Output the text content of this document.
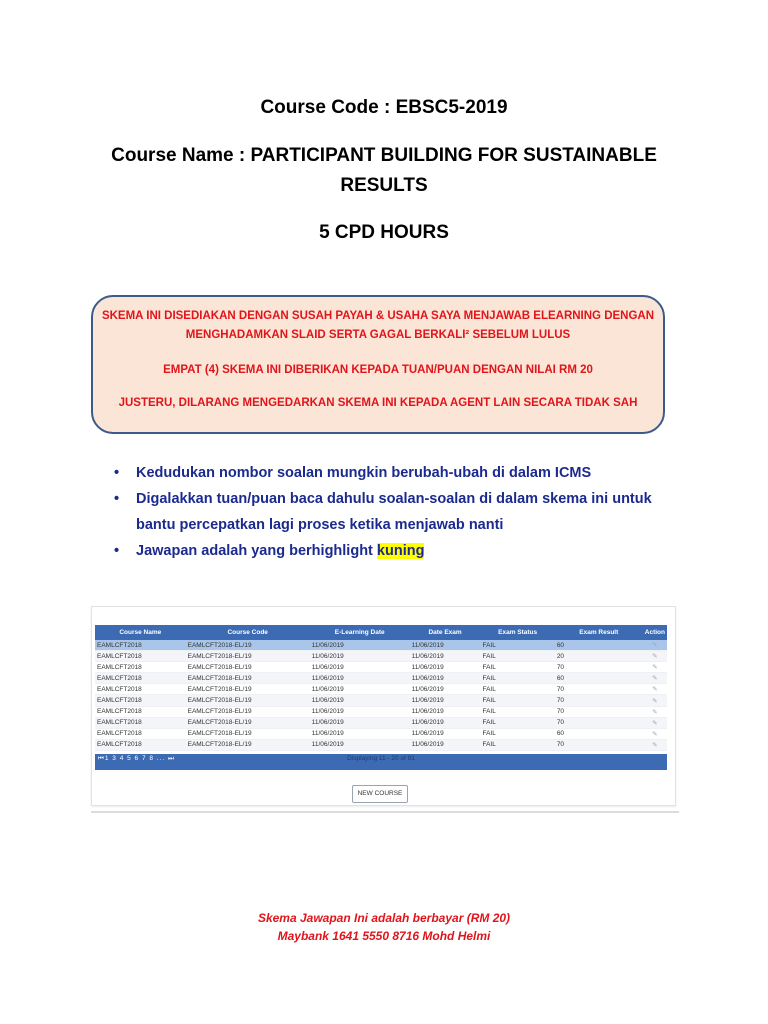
Course Code : EBSC5-2019
Course Name : PARTICIPANT BUILDING FOR SUSTAINABLE
RESULTS
5 CPD HOURS

SKEMA INI DISEDIAKAN DENGAN SUSAH PAYAH & USAHA SAYA MENJAWAB ELEARNING DENGAN MENGHADAMKAN SLAID SERTA GAGAL BERKALI² SEBELUM LULUS

EMPAT (4) SKEMA INI DIBERIKAN KEPADA TUAN/PUAN DENGAN NILAI RM 20

JUSTERU, DILARANG MENGEDARKAN SKEMA INI KEPADA AGENT LAIN SECARA TIDAK SAH

• Kedudukan nombor soalan mungkin berubah-ubah di dalam ICMS
• Digalakkan tuan/puan baca dahulu soalan-soalan di dalam skema ini untuk bantu percepatkan lagi proses ketika menjawab nanti
• Jawapan adalah yang berhighlight kuning
Course Name	Course Code	E-Learning Date	Date Exam	Exam Status	Exam Result	Action
EAMLCFT2018	EAMLCFT2018-EL/19	11/06/2019	11/06/2019	FAIL	60	✎
EAMLCFT2018	EAMLCFT2018-EL/19	11/06/2019	11/06/2019	FAIL	20	✎
EAMLCFT2018	EAMLCFT2018-EL/19	11/06/2019	11/06/2019	FAIL	70	✎
EAMLCFT2018	EAMLCFT2018-EL/19	11/06/2019	11/06/2019	FAIL	60	✎
EAMLCFT2018	EAMLCFT2018-EL/19	11/06/2019	11/06/2019	FAIL	70	✎
EAMLCFT2018	EAMLCFT2018-EL/19	11/06/2019	11/06/2019	FAIL	70	✎
EAMLCFT2018	EAMLCFT2018-EL/19	11/06/2019	11/06/2019	FAIL	70	✎
EAMLCFT2018	EAMLCFT2018-EL/19	11/06/2019	11/06/2019	FAIL	70	✎
EAMLCFT2018	EAMLCFT2018-EL/19	11/06/2019	11/06/2019	FAIL	60	✎
EAMLCFT2018	EAMLCFT2018-EL/19	11/06/2019	11/06/2019	FAIL	70	✎
⏮1 3 4 5 6 7 8 ... ⏭	Displaying 11 - 20 of 91
NEW COURSE
Skema Jawapan Ini adalah berbayar (RM 20)
Maybank 1641 5550 8716 Mohd Helmi
